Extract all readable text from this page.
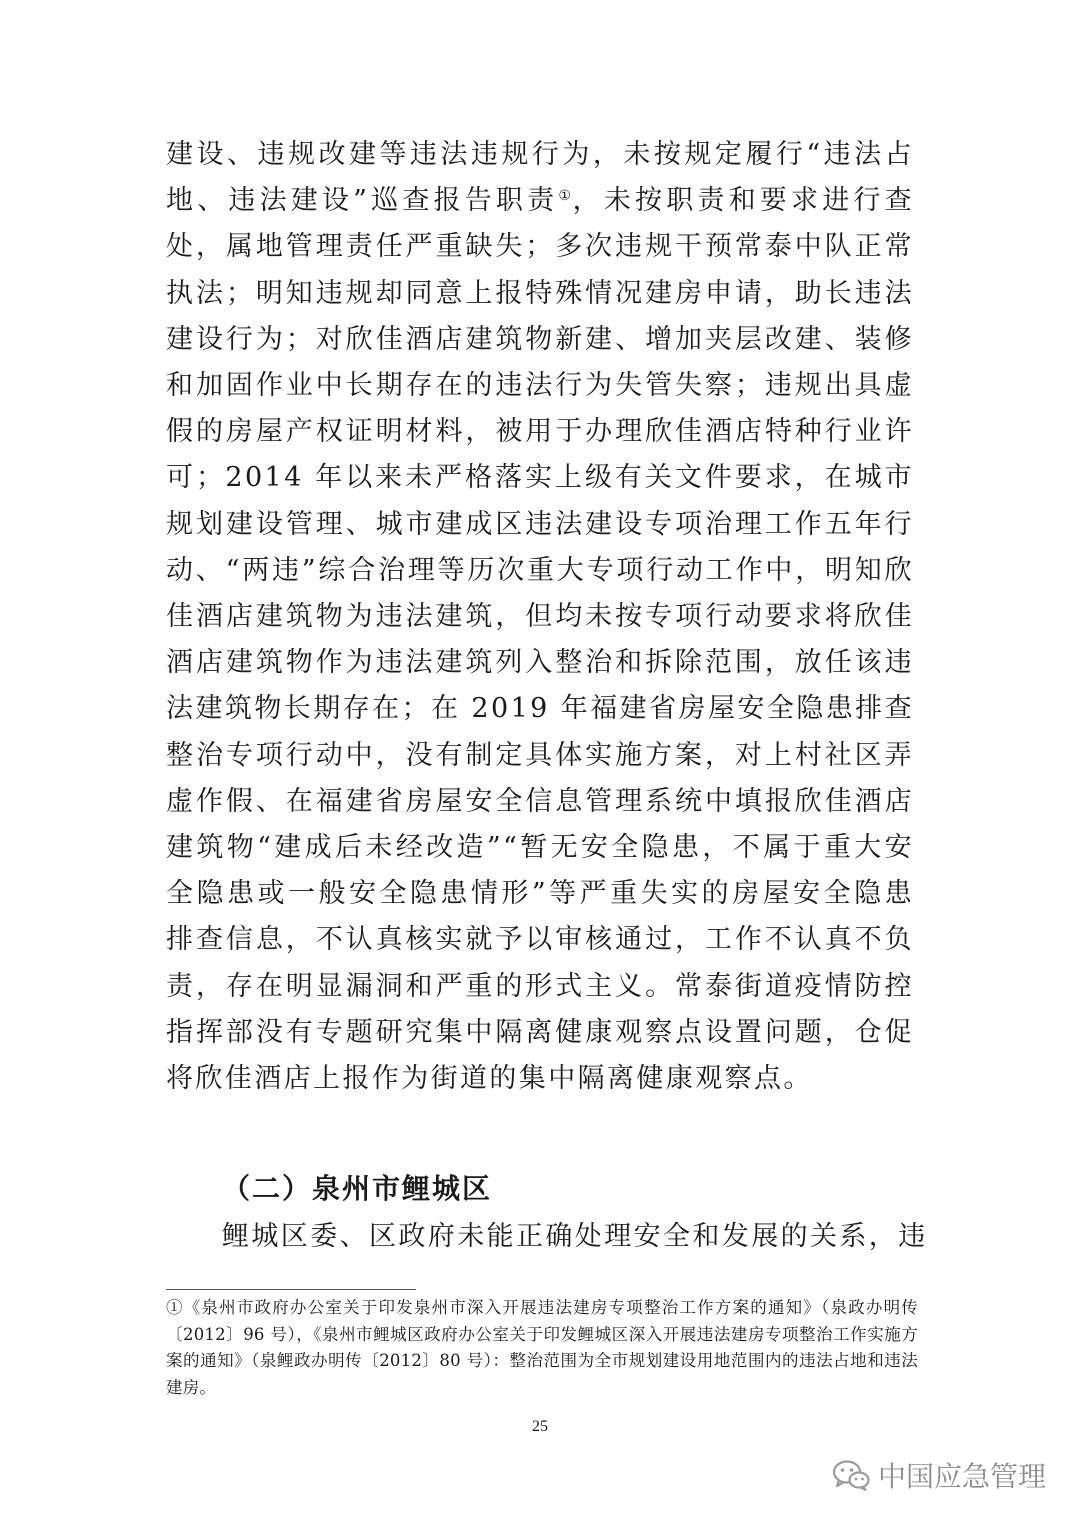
建设、违规改建等违法违规行为，未按规定履行“违法占地、违法建设”巡查报告职责①，未按职责和要求进行查处，属地管理责任严重缺失；多次违规干预常泰中队正常执法；明知违规却同意上报特殊情况建房申请，助长违法建设行为；对欣佳酒店建筑物新建、增加夹层改建、装修和加固作业中长期存在的违法行为失管失察；违规出具虚假的房屋产权证明材料，被用于办理欣佳酒店特种行业许可；2014 年以来未严格落实上级有关文件要求，在城市规划建设管理、城市建成区违法建设专项治理工作五年行动、“两违”综合治理等历次重大专项行动工作中，明知欣佳酒店建筑物为违法建筑，但均未按专项行动要求将欣佳酒店建筑物作为违法建筑列入整治和拆除范围，放任该违法建筑物长期存在；在 2019 年福建省房屋安全隐患排查整治专项行动中，没有制定具体实施方案，对上村社区弄虚作假、在福建省房屋安全信息管理系统中填报欣佳酒店建筑物“建成后未经改造”“暂无安全隐患，不属于重大安全隐患或一般安全隐患情形”等严重失实的房屋安全隐患排查信息，不认真核实就予以审核通过，工作不认真不负责，存在明显漏洞和严重的形式主义。常泰街道疫情防控指挥部没有专题研究集中隔离健康观察点设置问题，仓促将欣佳酒店上报作为街道的集中隔离健康观察点。

（二）泉州市鲤城区
鲤城区委、区政府未能正确处理安全和发展的关系，违
①《泉州市政府办公室关于印发泉州市深入开展违法建房专项整治工作方案的通知》（泉政办明传〔2012〕96 号），《泉州市鲤城区政府办公室关于印发鲤城区深入开展违法建房专项整治工作实施方案的通知》（泉鲤政办明传〔2012〕80 号）：整治范围为全市规划建设用地范围内的违法占地和违法建房。
25
中国应急管理
